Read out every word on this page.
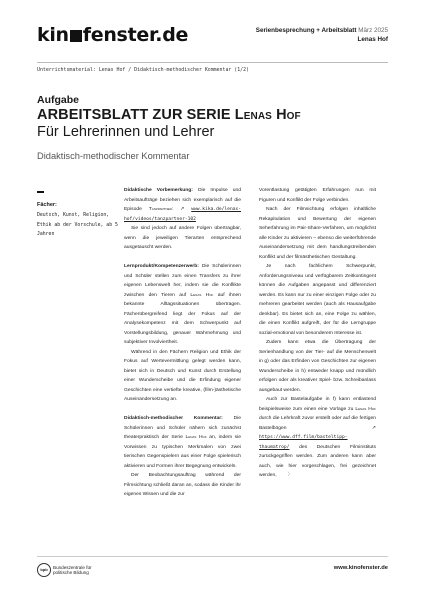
kin fenster.de	Serienbesprechung + Arbeitsblatt März 2025
Lenas Hof
Unterrichtsmaterial: Lenas Hof / Didaktisch-methodischer Kommentar (1/2)
Aufgabe
ARBEITSBLATT ZUR SERIE Lenas Hof
Für Lehrerinnen und Lehrer
Didaktisch-methodischer Kommentar
Fächer:
Deutsch, Kunst, Religion, Ethik ab der Vorschule, ab 5 Jahren

Didaktische Vorbemerkung: Die Impulse und Arbeitsaufträge beziehen sich exemplarisch auf die Episode Tanzpartner: ↗ www.kika.de/lenas-hof/videos/tanzpartner-102

Sie sind jedoch auf andere Folgen übertragbar, wenn die jeweiligen Tierarten entsprechend ausgetauscht werden.

Lernprodukt/Kompetenzerwerb: Die Schülerinnen und Schüler stellen zum einen Transfers zu ihrer eigenen Lebenswelt her, indem sie die Konflikte zwischen den Tieren auf Lenas Hof auf ihnen bekannte Alltagssituationen übertragen. Fächerübergreifend liegt der Fokus auf der Analysekompetenz mit dem Schwerpunkt auf Vorstellungsbildung, genauer Wahrnehmung und subjektiver Involviertheit.

Während in den Fächern Religion und Ethik der Fokus auf Wertevermittlung gelegt werden kann, bietet sich in Deutsch und Kunst durch Erstellung einer Wunderscheibe und die Erfindung eigener Geschichten eine vertiefte kreative, (film-)ästhetische Auseinandersetzung an.

Didaktisch-methodischer Kommentar: Die Schülerinnen und Schüler nähern sich zunächst theaterpraktisch der Serie Lenas Hof an, indem sie Vorwissen zu typischen Merkmalen von zwei tierischen Gegenspielern aus einer Folge spielerisch aktivieren und Formen ihrer Begegnung entwickeln.

Der Beobachtungsauftrag während der Filmsichtung schließt daran an, sodass die Kinder ihr eigenes Wissen und die zur

Vorentlastung getätigten Erfahrungen nun mit Figuren und Konflikt der Folge verbinden.

Nach der Filmsichtung erfolgen inhaltliche Rekapitulation und Bewertung der eigenen Seherfahrung im Pair-Share-Verfahren, um möglichst alle Kinder zu aktivieren – ebenso die weiterführende Auseinandersetzung mit dem handlungstreibenden Konflikt und der filmästhetischen Gestaltung.

Je nach fachlichem Schwerpunkt, Anforderungsniveau und verfügbarem Zeitkontingent können die Aufgaben angepasst und differenziert werden. Es kann nur zu einer einzigen Folge oder zu mehreren gearbeitet werden (auch als Hausaufgabe denkbar). Es bietet sich an, eine Folge zu wählen, die einen Konflikt aufgreift, der für die Lerngruppe sozial-emotional von besonderem Interesse ist.

Zudem kann etwa die Übertragung der Serienhandlung von der Tier- auf die Menschenwelt in g) oder das Erfinden von Geschichten zur eigenen Wunderscheibe in h) entweder knapp und mündlich erfolgen oder als kreativer Spiel- bzw. Schreibanlass ausgebaut werden.

Auch zur Bastelaufgabe in f) kann entlastend beispielsweise zum einen eine Vorlage zu Lenas Hof durch die Lehrkraft zuvor erstellt oder auf die fertigen Bastelbögen	↗ https://www.dff.film/basteltipp-thaumatrop/ des Deutschen Filminstituts zurückgegriffen werden. Zum anderen kann aber auch, wie hier vorgeschlagen, frei gezeichnet werden, 〉

bpb Bundeszentrale für
politische Bildung
www.kinofenster.de
